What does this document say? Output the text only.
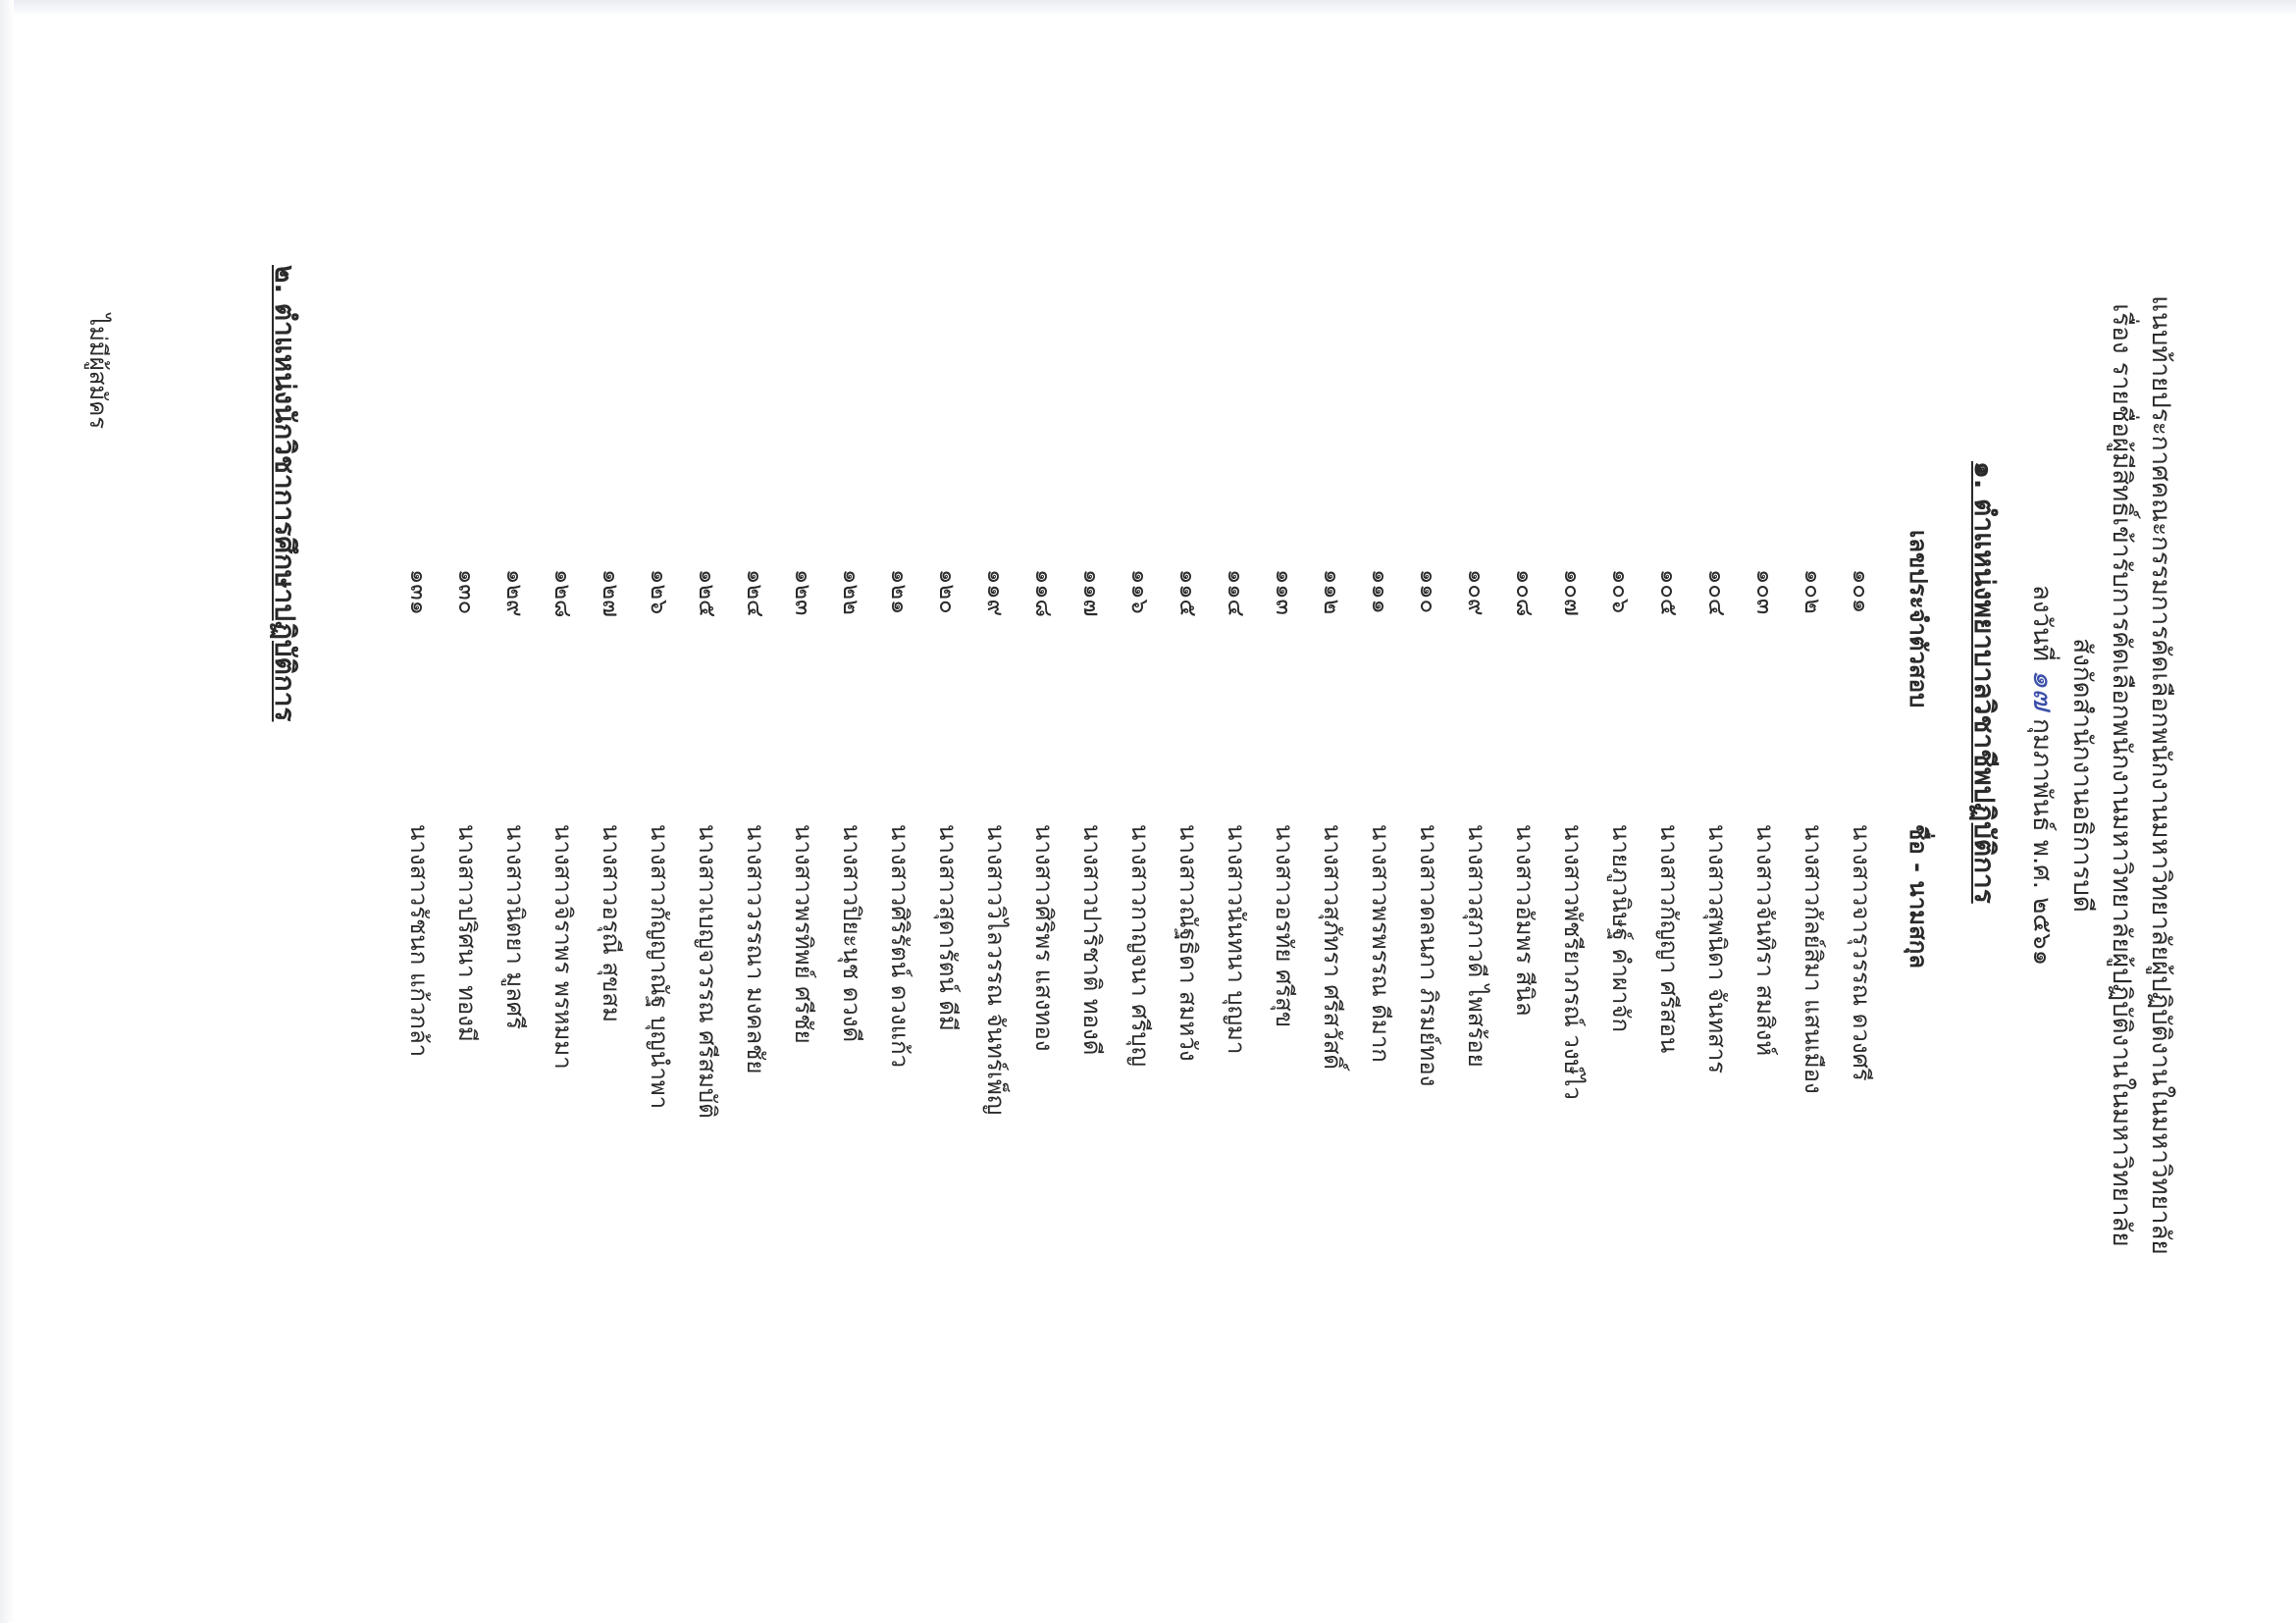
แนบท้ายประกาศคณะกรรมการคัดเลือกพนักงานมหาวิทยาลัยผู้ปฏิบัติงานในมหาวิทยาลัย
เรื่อง รายชื่อผู้มีสิทธิ์เข้ารับการคัดเลือกพนักงานมหาวิทยาลัยผู้ปฏิบัติงานในมหาวิทยาลัย
สังกัดสำนักงานอธิการบดี
ลงวันที่ ๑๗ กุมภาพันธ์ พ.ศ. ๒๕๖๑
๑. ตำแหน่งพยาบาลวิชาชีพปฏิบัติการ
เลขประจำตัวสอบ
ชื่อ - นามสกุล
๑๐๑
นางสาวจารุวรรณ ดวงศรี
๑๐๒
นางสาวกัลย์สิมา แสนเมือง
๑๐๓
นางสาวจันทิรา สมสิงห์
๑๐๔
นางสาวสุพนิดา จันทสาร
๑๐๕
นางสาวกัญญา ศรีสอน
๑๐๖
นายภูวนิษฐ์ คำผาจัก
๑๐๗
นางสาวพัชรียาภรณ์ วงษ์ไว
๑๐๘
นางสาวอัมพร สีนิล
๑๐๙
นางสาวสุภาวดี ไพสร้อย
๑๑๐
นางสาวดลนภา ภิรมย์ทอง
๑๑๑
นางสาวพรพรรณ ดีมาก
๑๑๒
นางสาวสุภัทรา ศรีสวัสดิ์
๑๑๓
นางสาวอรทัย ศรีสุข
๑๑๔
นางสาวนันทนา บุญมา
๑๑๕
นางสาวณัฐธิดา สมหวัง
๑๑๖
นางสาวกาญจนา ศรีบุญ
๑๑๗
นางสาวปาริชาติ ทองดี
๑๑๘
นางสาวศิริพร แสงทอง
๑๑๙
นางสาววิไลวรรณ จันทร์เพ็ญ
๑๒๐
นางสาวสุดารัตน์ ดีมี
๑๒๑
นางสาวศิริรัตน์ ดวงแก้ว
๑๒๒
นางสาวปิยะนุช ดวงดี
๑๒๓
นางสาวพรทิพย์ ศรีชัย
๑๒๔
นางสาววรรณา มงคลชัย
๑๒๕
นางสาวเบญจวรรณ ศรีสมบัติ
๑๒๖
นางสาวกัญญาณัฐ บุญนำพา
๑๒๗
นางสาวอรุณี สุขสม
๑๒๘
นางสาวจิราพร พรหมมา
๑๒๙
นางสาวนิตยา มูลศรี
๑๓๐
นางสาวปริศนา ทองมี
๑๓๑
นางสาวรัชนก แก้วกล้า
๒. ตำแหน่งนักวิชาการศึกษาปฏิบัติการ
ไม่มีผู้สมัคร
